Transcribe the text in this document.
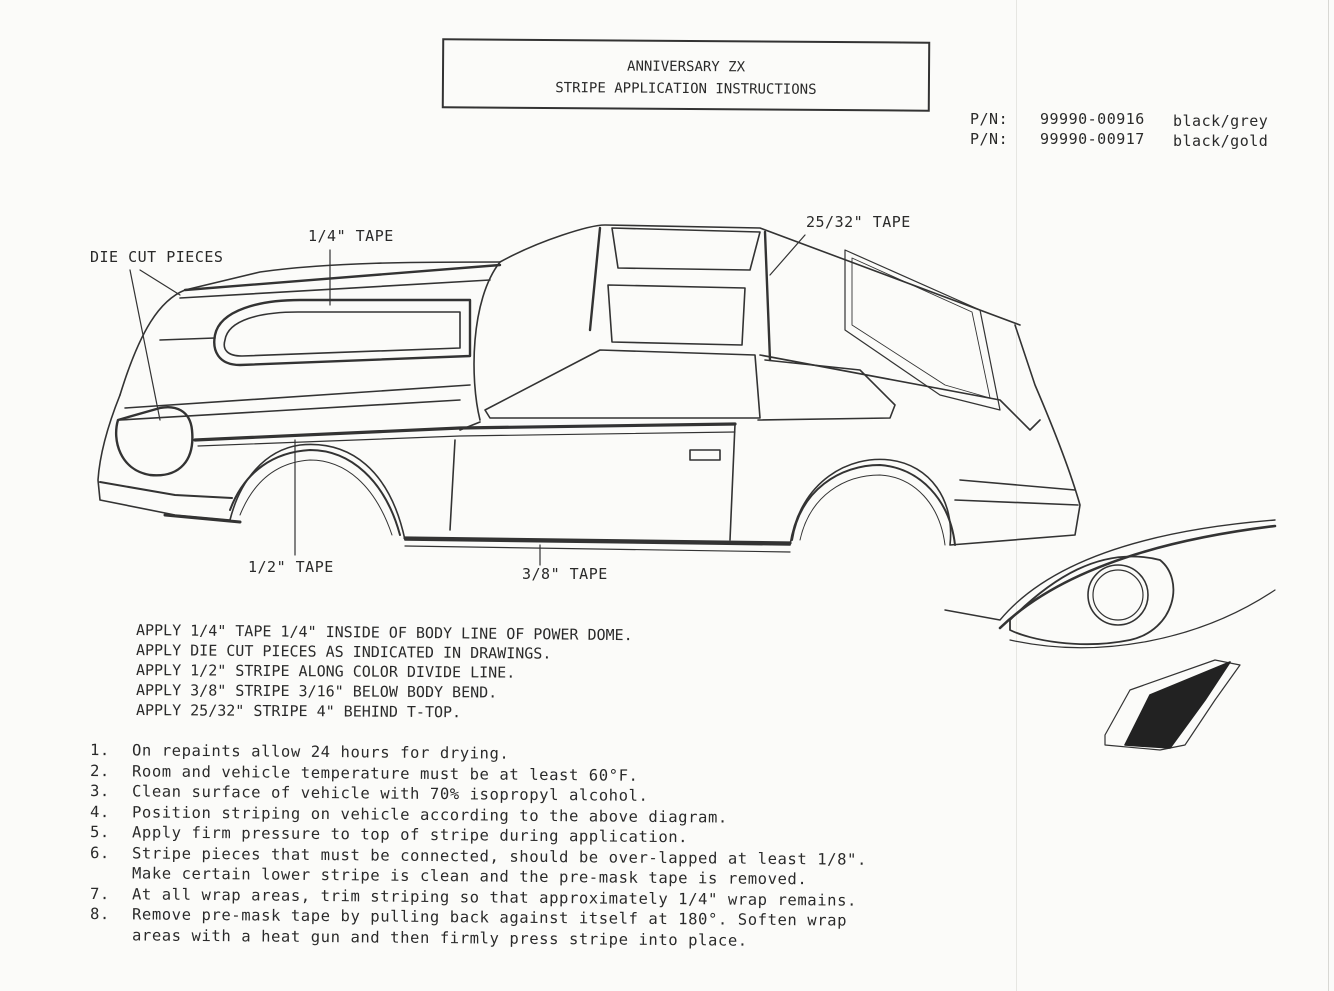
ANNIVERSARY ZX
STRIPE APPLICATION INSTRUCTIONS
P/N: 99990-00916 black/grey
P/N: 99990-00917 black/gold
DIE CUT PIECES
1/4" TAPE
25/32" TAPE
1/2" TAPE	3/8" TAPE
APPLY 1/4" TAPE 1/4" INSIDE OF BODY LINE OF POWER DOME.
APPLY DIE CUT PIECES AS INDICATED IN DRAWINGS.
APPLY 1/2" STRIPE ALONG COLOR DIVIDE LINE.
APPLY 3/8" STRIPE 3/16" BELOW BODY BEND.
APPLY 25/32" STRIPE 4" BEHIND T-TOP.
1.	On repaints allow 24 hours for drying.
2.	Room and vehicle temperature must be at least 60°F.
3.	Clean surface of vehicle with 70% isopropyl alcohol.
4.	Position striping on vehicle according to the above diagram.
5.	Apply firm pressure to top of stripe during application.
6.	Stripe pieces that must be connected, should be over-lapped at least 1/8".
Make certain lower stripe is clean and the pre-mask tape is removed.
7.	At all wrap areas, trim striping so that approximately 1/4" wrap remains.
8.	Remove pre-mask tape by pulling back against itself at 180°. Soften wrap
areas with a heat gun and then firmly press stripe into place.
